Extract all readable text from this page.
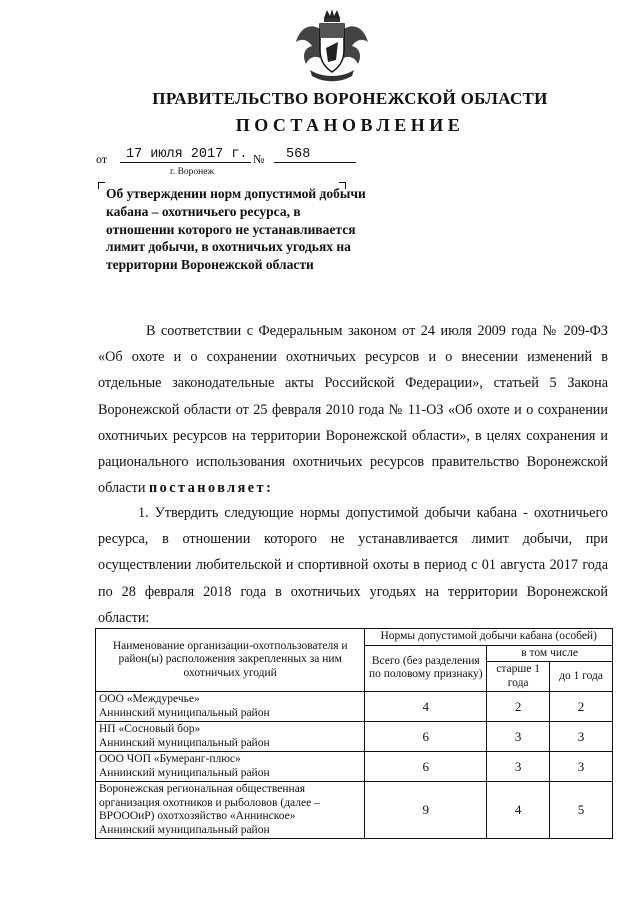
ПРАВИТЕЛЬСТВО ВОРОНЕЖСКОЙ ОБЛАСТИ
ПОСТАНОВЛЕНИЕ
от	17 июля 2017 г. №	568
г. Воронеж
Об утверждении норм допустимой добычи кабана – охотничьего ресурса, в отношении которого не устанавливается лимит добычи, в охотничьих угодьях на территории Воронежской области
В соответствии с Федеральным законом от 24 июля 2009 года № 209-ФЗ «Об охоте и о сохранении охотничьих ресурсов и о внесении изменений в отдельные законодательные акты Российской Федерации», статьей 5 Закона Воронежской области от 25 февраля 2010 года № 11-ОЗ «Об охоте и о сохранении охотничьих ресурсов на территории Воронежской области», в целях сохранения и рационального использования охотничьих ресурсов правительство Воронежской области постановляет:
1. Утвердить следующие нормы допустимой добычи кабана - охотничьего ресурса, в отношении которого не устанавливается лимит добычи, при осуществлении любительской и спортивной охоты в период с 01 августа 2017 года по 28 февраля 2018 года в охотничьих угодьях на территории Воронежской области:
Наименование организации-охотпользователя и район(ы) расположения закрепленных за ним охотничьих угодий	Нормы допустимой добычи кабана (особей)		
	Всего (без разделения по половому признаку)	в том числе	
		старше 1 года	до 1 года

ООО «Междуречье»
Аннинский муниципальный район	4	2	2

НП «Сосновый бор»
Аннинский муниципальный район	6	3	3

ООО ЧОП «Бумеранг-плюс»
Аннинский муниципальный район	6	3	3

Воронежская региональная общественная организация охотников и рыболовов (далее – ВРОООиР) охотхозяйство «Аннинское»
Аннинский муниципальный район	9	4	5
